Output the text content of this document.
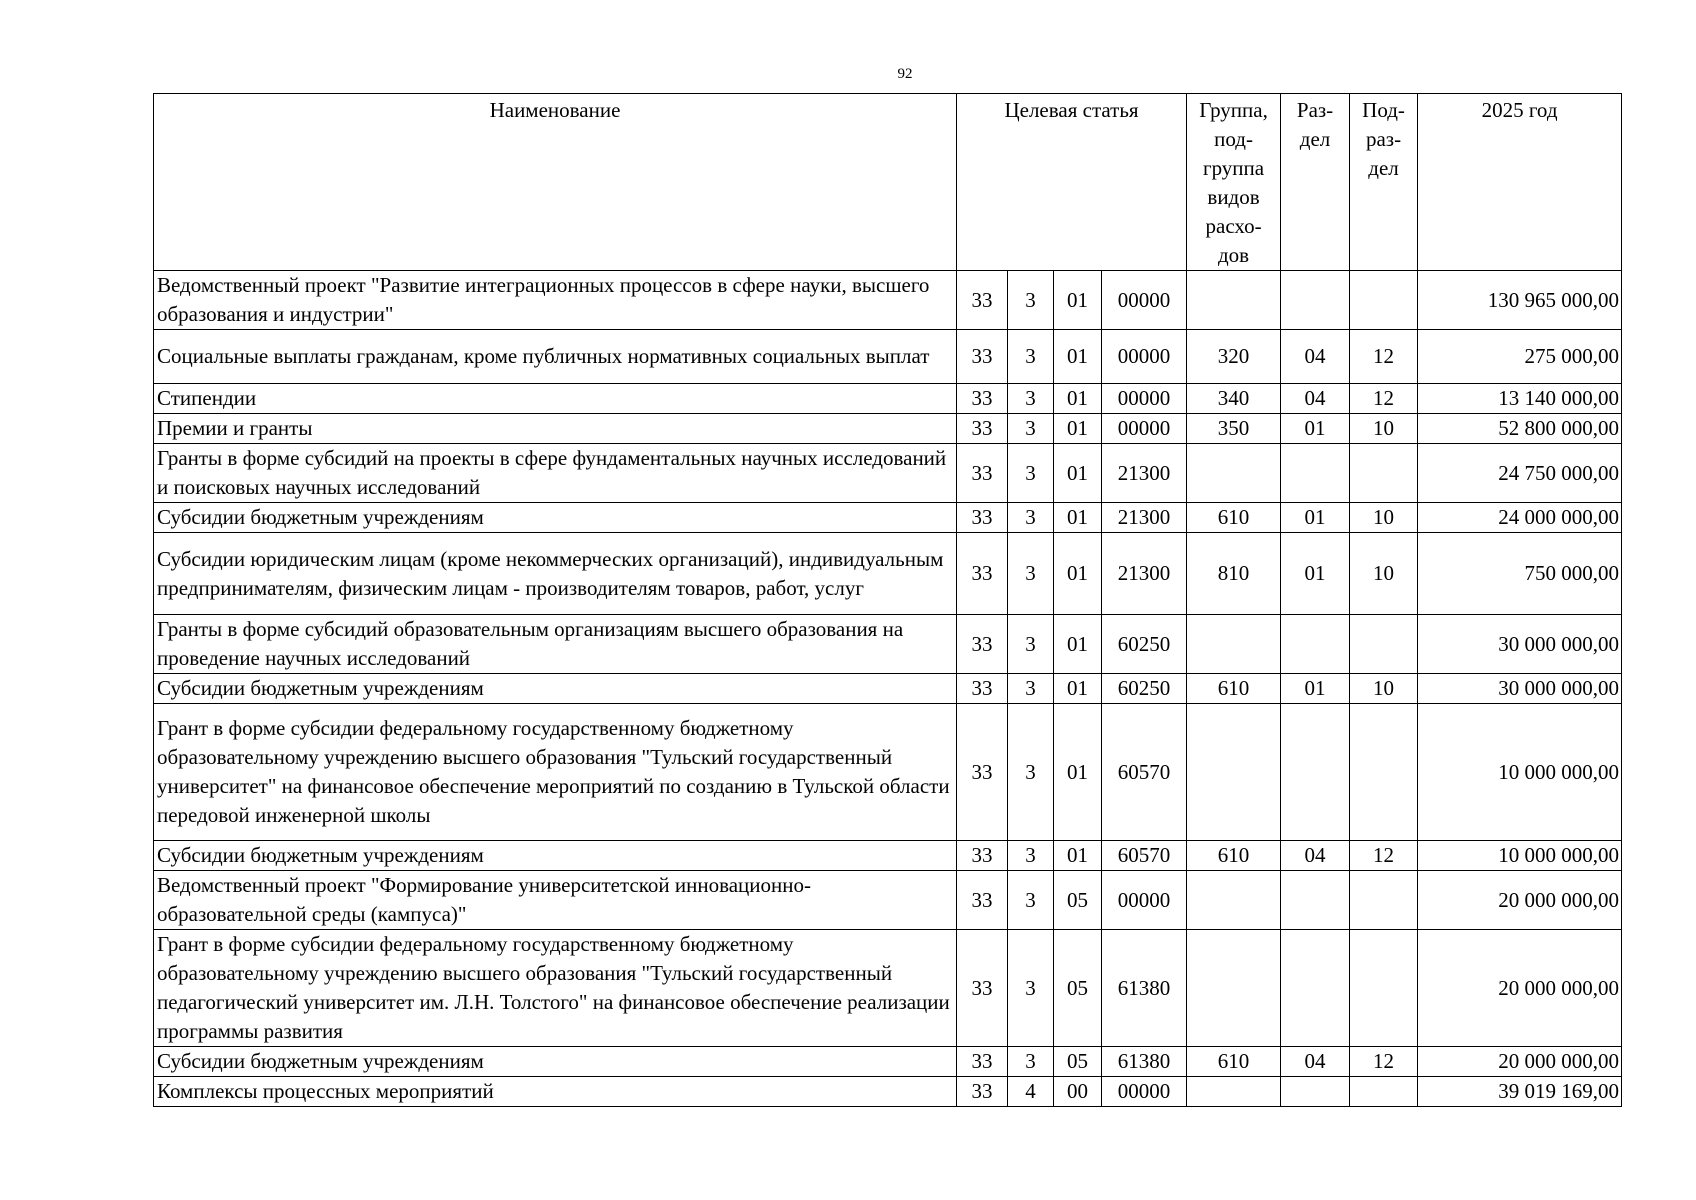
92
Наименование	Целевая статья				Группа, под-группа видов расхо-дов	Раз-дел	Под-раз-дел	2025 год
Ведомственный проект "Развитие интеграционных процессов в сфере науки, высшего образования и индустрии"	33	3	01	00000				130 965 000,00
Социальные выплаты гражданам, кроме публичных нормативных социальных выплат	33	3	01	00000	320	04	12	275 000,00
Стипендии	33	3	01	00000	340	04	12	13 140 000,00
Премии и гранты	33	3	01	00000	350	01	10	52 800 000,00
Гранты в форме субсидий на проекты в сфере фундаментальных научных исследований и поисковых научных исследований	33	3	01	21300				24 750 000,00
Субсидии бюджетным учреждениям	33	3	01	21300	610	01	10	24 000 000,00
Субсидии юридическим лицам (кроме некоммерческих организаций), индивидуальным предпринимателям, физическим лицам - производителям товаров, работ, услуг	33	3	01	21300	810	01	10	750 000,00
Гранты в форме субсидий образовательным организациям высшего образования на проведение научных исследований	33	3	01	60250				30 000 000,00
Субсидии бюджетным учреждениям	33	3	01	60250	610	01	10	30 000 000,00
Грант в форме субсидии федеральному государственному бюджетному образовательному учреждению высшего образования "Тульский государственный университет" на финансовое обеспечение мероприятий по созданию в Тульской области передовой инженерной школы	33	3	01	60570				10 000 000,00
Субсидии бюджетным учреждениям	33	3	01	60570	610	04	12	10 000 000,00
Ведомственный проект "Формирование университетской инновационно-образовательной среды (кампуса)"	33	3	05	00000				20 000 000,00
Грант в форме субсидии федеральному государственному бюджетному образовательному учреждению высшего образования "Тульский государственный педагогический университет им. Л.Н. Толстого" на финансовое обеспечение реализации программы развития	33	3	05	61380				20 000 000,00
Субсидии бюджетным учреждениям	33	3	05	61380	610	04	12	20 000 000,00
Комплексы процессных мероприятий	33	4	00	00000				39 019 169,00
